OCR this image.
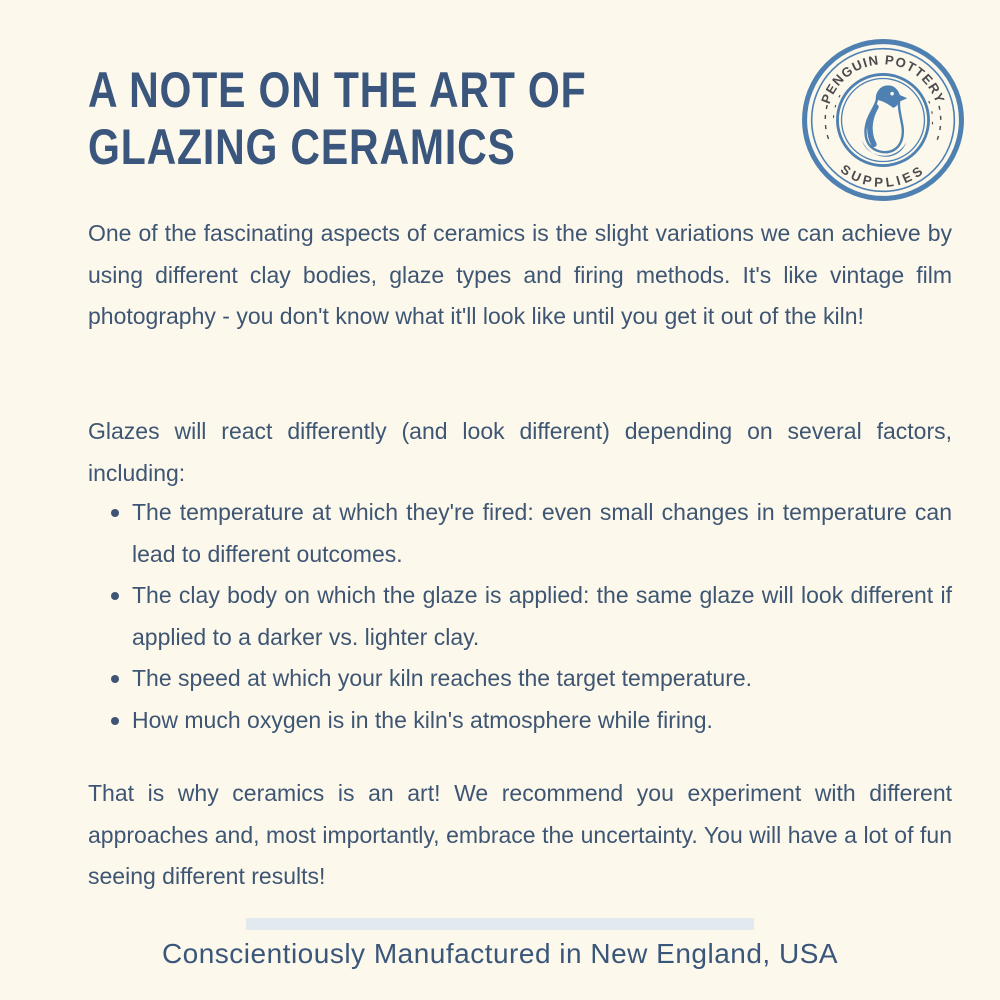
A NOTE ON THE ART OF
GLAZING CERAMICS
PENGUIN POTTERY
SUPPLIES

One of the fascinating aspects of ceramics is the slight variations we can achieve by using different clay bodies, glaze types and firing methods. It's like vintage film photography - you don't know what it'll look like until you get it out of the kiln!

Glazes will react differently (and look different) depending on several factors, including:

The temperature at which they're fired: even small changes in temperature can lead to different outcomes.
The clay body on which the glaze is applied: the same glaze will look different if applied to a darker vs. lighter clay.
The speed at which your kiln reaches the target temperature.
How much oxygen is in the kiln's atmosphere while firing.

That is why ceramics is an art! We recommend you experiment with different approaches and, most importantly, embrace the uncertainty. You will have a lot of fun seeing different results!

Conscientiously Manufactured in New England, USA
